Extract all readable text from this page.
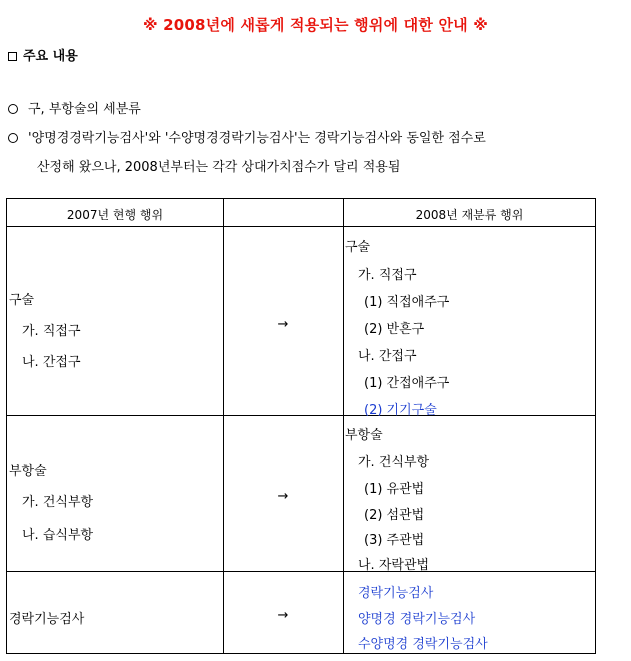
※ 2008년에 새롭게 적용되는 행위에 대한 안내 ※
주요 내용
구, 부항술의 세분류
'양명경경락기능검사'와 '수양명경경락기능검사'는 경락기능검사와 동일한 점수로
산정해 왔으나, 2008년부터는 각각 상대가치점수가 달리 적용됨
2007년 현행 행위	2008년 재분류 행위
구술
가. 직접구
나. 간접구
→
구술
가. 직접구
(1) 직접애주구
(2) 반흔구
나. 간접구
(1) 간접애주구
(2) 기기구술
부항술
가. 건식부항
나. 습식부항
→
부항술
가. 건식부항
(1) 유관법
(2) 섬관법
(3) 주관법
나. 자락관법
경락기능검사	→
경락기능검사
양명경 경락기능검사
수양명경 경락기능검사
